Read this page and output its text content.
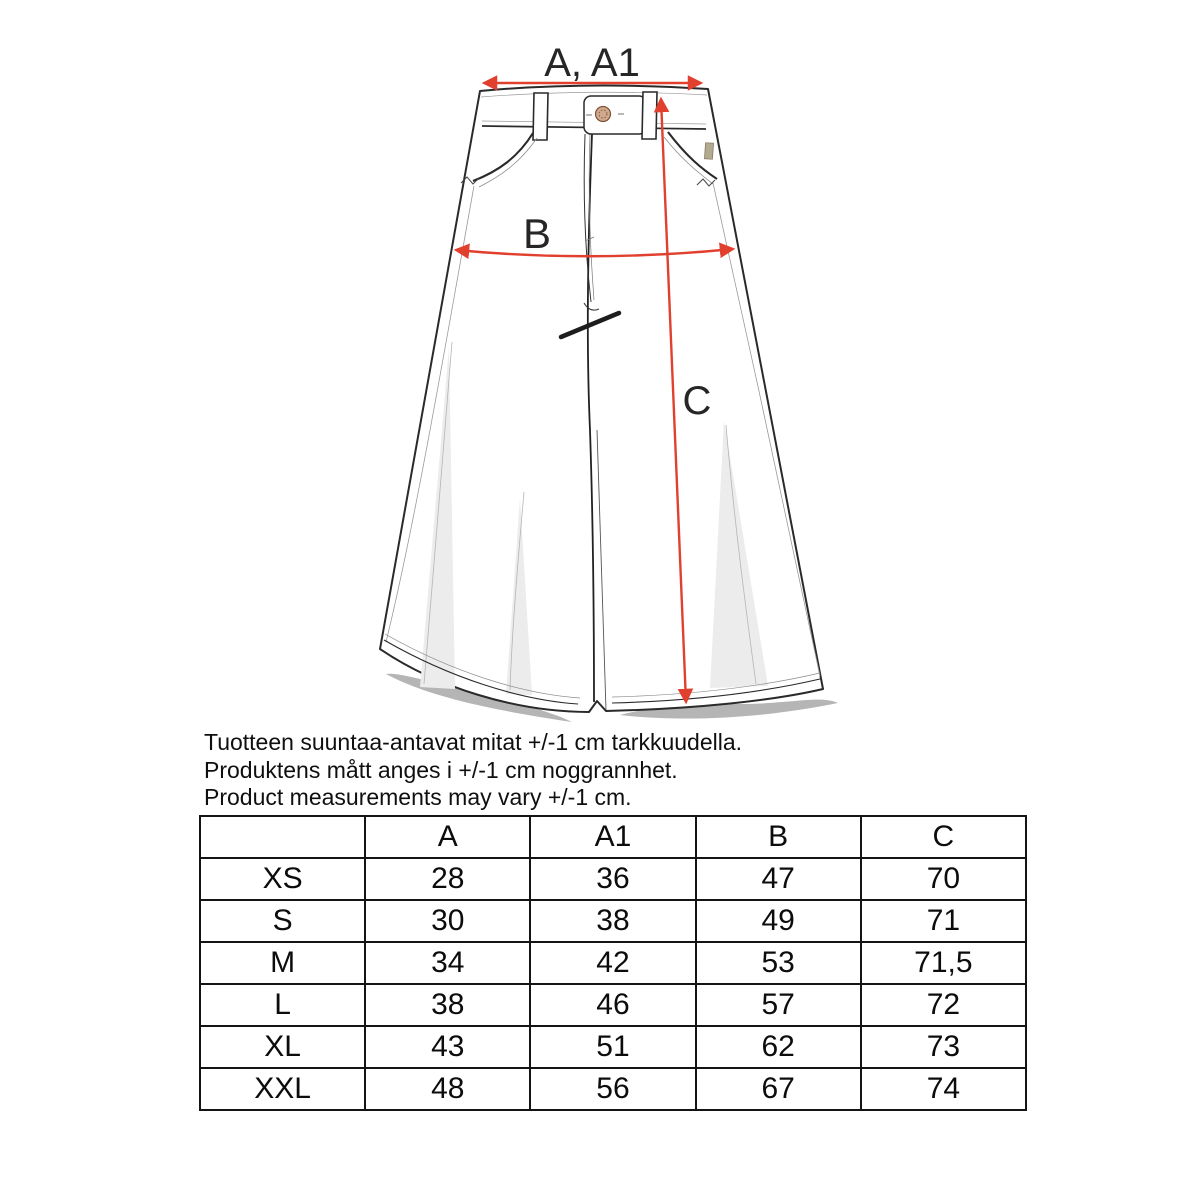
A, A1
B
C

Tuotteen suuntaa-antavat mitat +/-1 cm tarkkuudella.

Produktens mått anges i +/-1 cm noggrannhet.

Product measurements may vary +/-1 cm.

	A	A1	B	C
XS	28	36	47	70
S	30	38	49	71
M	34	42	53	71,5
L	38	46	57	72
XL	43	51	62	73
XXL	48	56	67	74
